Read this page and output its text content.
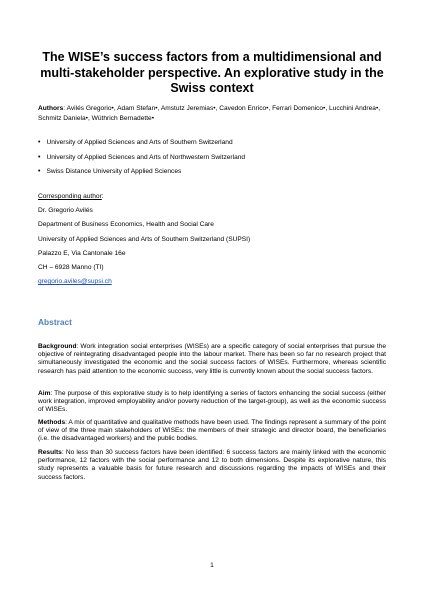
The WISE’s success factors from a multidimensional and multi-stakeholder perspective. An explorative study in the Swiss context
Authors: Avilés Gregorio•, Adam Stefan•, Amstutz Jeremias•, Cavedon Enrico•, Ferrari Domenico•, Lucchini Andrea•, Schmitz Daniela•, Wüthrich Bernadette•
• University of Applied Sciences and Arts of Southern Switzerland
• University of Applied Sciences and Arts of Northwestern Switzerland
• Swiss Distance University of Applied Sciences
Corresponding author:
Dr. Gregorio Avilés
Department of Business Economics, Health and Social Care
University of Applied Sciences and Arts of Southern Switzerland (SUPSI)
Palazzo E, Via Cantonale 16e
CH – 6928 Manno (TI)
gregorio.aviles@supsi.ch
Abstract

Background: Work integration social enterprises (WISEs) are a specific category of social enterprises that pursue the objective of reintegrating disadvantaged people into the labour market. There has been so far no research project that simultaneously investigated the economic and the social success factors of WISEs. Furthermore, whereas scientific research has paid attention to the economic success, very little is currently known about the social success factors.

Aim: The purpose of this explorative study is to help identifying a series of factors enhancing the social success (either work integration, improved employability and/or poverty reduction of the target-group), as well as the economic success of WISEs.

Methods: A mix of quantitative and qualitative methods have been used. The findings represent a summary of the point of view of the three main stakeholders of WISEs: the members of their strategic and director board, the beneficiaries (i.e. the disadvantaged workers) and the public bodies.

Results: No less than 30 success factors have been identified: 6 success factors are mainly linked with the economic performance, 12 factors with the social performance and 12 to both dimensions. Despite its explorative nature, this study represents a valuable basis for future research and discussions regarding the impacts of WISEs and their success factors.

1
